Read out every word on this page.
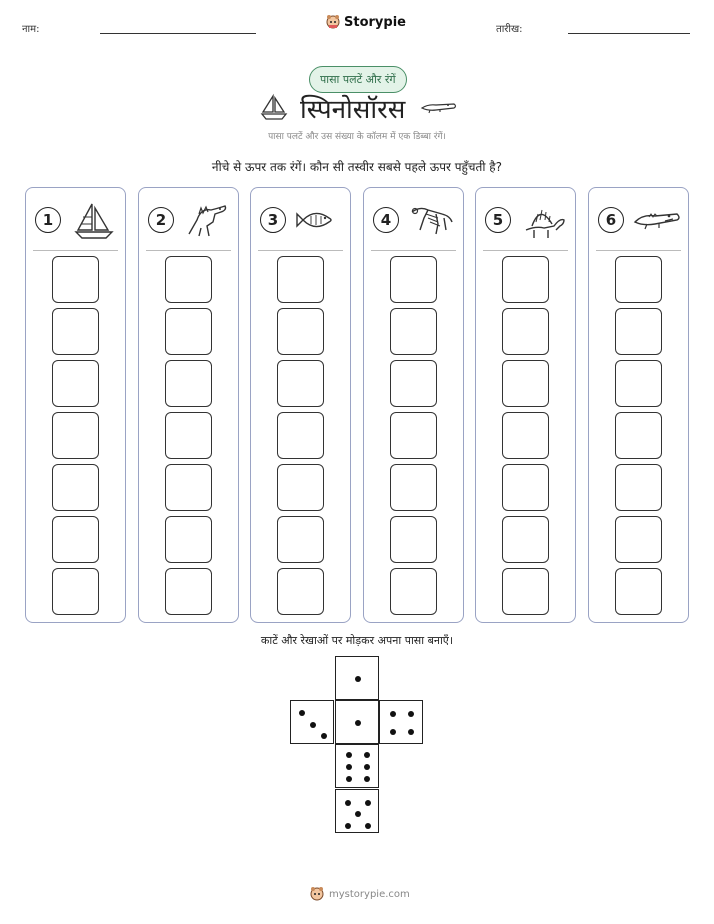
नाम:	Storypie	तारीख:
पासा पलटें और रंगें
स्पिनोसॉरस
पासा पलटें और उस संख्या के कॉलम में एक डिब्बा रंगें।
नीचे से ऊपर तक रंगें। कौन सी तस्वीर सबसे पहले ऊपर पहुँचती है?
1	2	3	4	5	6
काटें और रेखाओं पर मोड़कर अपना पासा बनाएँ।
mystorypie.com
